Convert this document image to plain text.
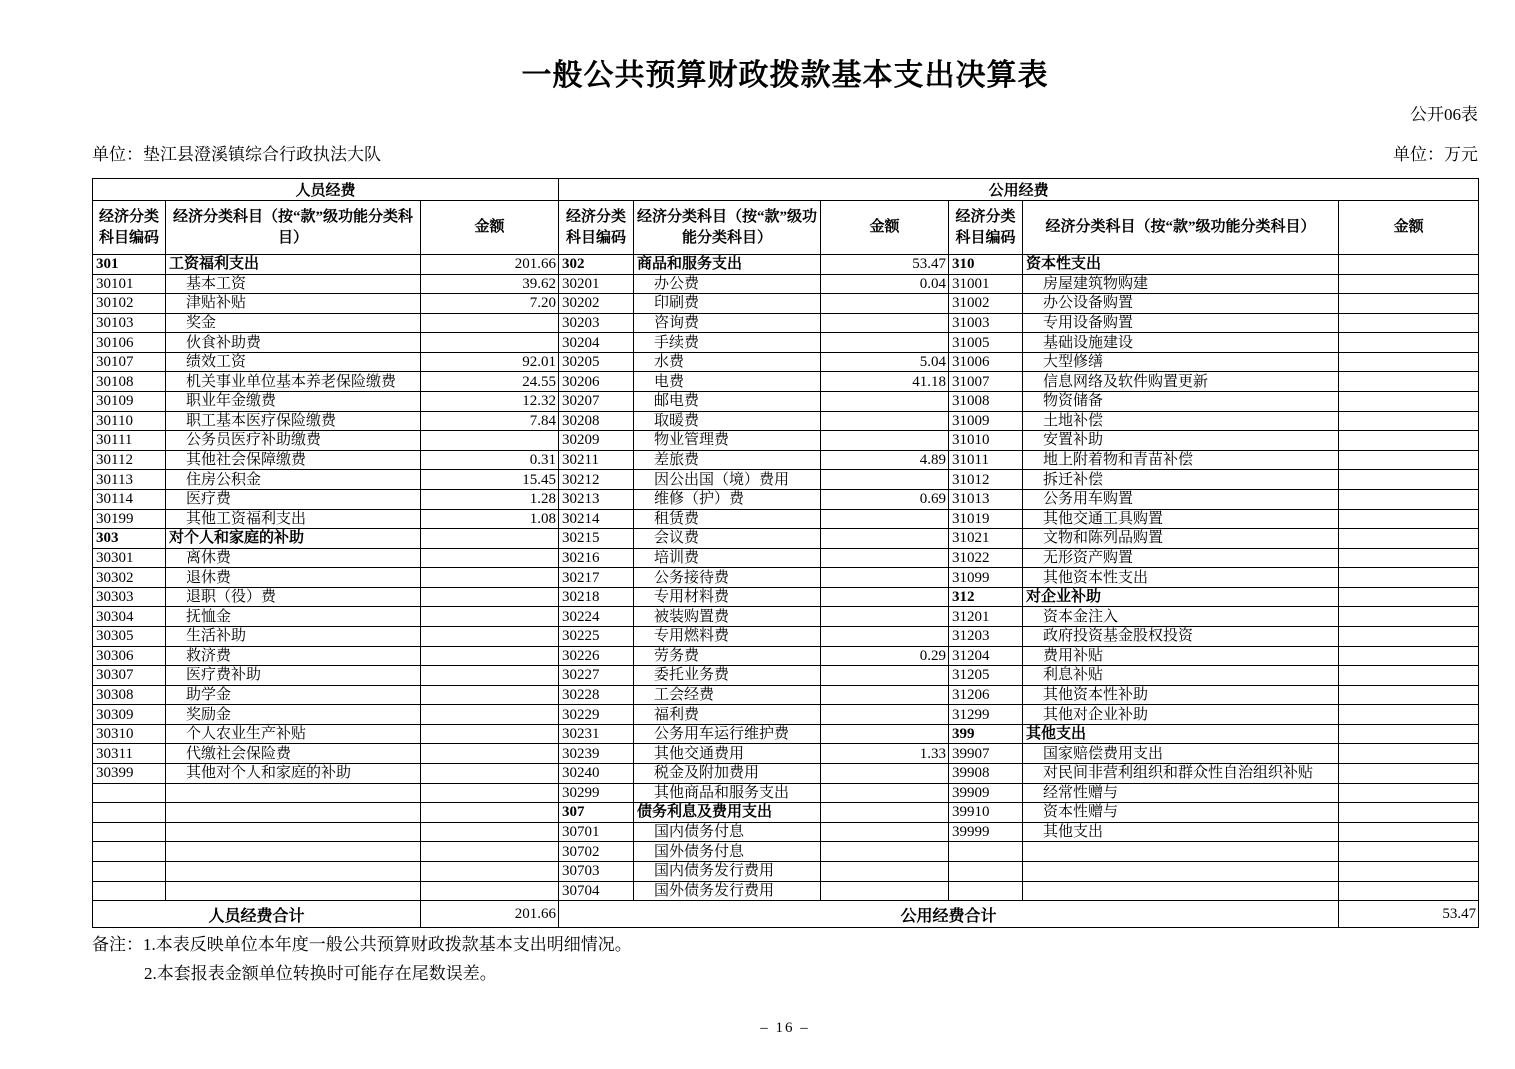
一般公共预算财政拨款基本支出决算表
公开06表
单位：垫江县澄溪镇综合行政执法大队	单位：万元
人员经费			公用经费					
经济分类科目编码	经济分类科目（按“款”级功能分类科目）	金额	经济分类科目编码	经济分类科目（按“款”级功能分类科目）	金额	经济分类科目编码	经济分类科目（按“款”级功能分类科目）	金额
301	工资福利支出	201.66	302	商品和服务支出	53.47	310	资本性支出	
30101	基本工资	39.62	30201	办公费	0.04	31001	房屋建筑物购建	
30102	津贴补贴	7.20	30202	印刷费		31002	办公设备购置	
30103	奖金		30203	咨询费		31003	专用设备购置	
30106	伙食补助费		30204	手续费		31005	基础设施建设	
30107	绩效工资	92.01	30205	水费	5.04	31006	大型修缮	
30108	机关事业单位基本养老保险缴费	24.55	30206	电费	41.18	31007	信息网络及软件购置更新	
30109	职业年金缴费	12.32	30207	邮电费		31008	物资储备	
30110	职工基本医疗保险缴费	7.84	30208	取暖费		31009	土地补偿	
30111	公务员医疗补助缴费		30209	物业管理费		31010	安置补助	
30112	其他社会保障缴费	0.31	30211	差旅费	4.89	31011	地上附着物和青苗补偿	
30113	住房公积金	15.45	30212	因公出国（境）费用		31012	拆迁补偿	
30114	医疗费	1.28	30213	维修（护）费	0.69	31013	公务用车购置	
30199	其他工资福利支出	1.08	30214	租赁费		31019	其他交通工具购置	
303	对个人和家庭的补助		30215	会议费		31021	文物和陈列品购置	
30301	离休费		30216	培训费		31022	无形资产购置	
30302	退休费		30217	公务接待费		31099	其他资本性支出	
30303	退职（役）费		30218	专用材料费		312	对企业补助	
30304	抚恤金		30224	被装购置费		31201	资本金注入	
30305	生活补助		30225	专用燃料费		31203	政府投资基金股权投资	
30306	救济费		30226	劳务费	0.29	31204	费用补贴	
30307	医疗费补助		30227	委托业务费		31205	利息补贴	
30308	助学金		30228	工会经费		31206	其他资本性补助	
30309	奖励金		30229	福利费		31299	其他对企业补助	
30310	个人农业生产补贴		30231	公务用车运行维护费		399	其他支出	
30311	代缴社会保险费		30239	其他交通费用	1.33	39907	国家赔偿费用支出	
30399	其他对个人和家庭的补助		30240	税金及附加费用		39908	对民间非营利组织和群众性自治组织补贴	
			30299	其他商品和服务支出		39909	经常性赠与	
			307	债务利息及费用支出		39910	资本性赠与	
			30701	国内债务付息		39999	其他支出	
			30702	国外债务付息				
			30703	国内债务发行费用				
			30704	国外债务发行费用				
人员经费合计		201.66	公用经费合计					53.47
备注：1.本表反映单位本年度一般公共预算财政拨款基本支出明细情况。
2.本套报表金额单位转换时可能存在尾数误差。
– 16 –
